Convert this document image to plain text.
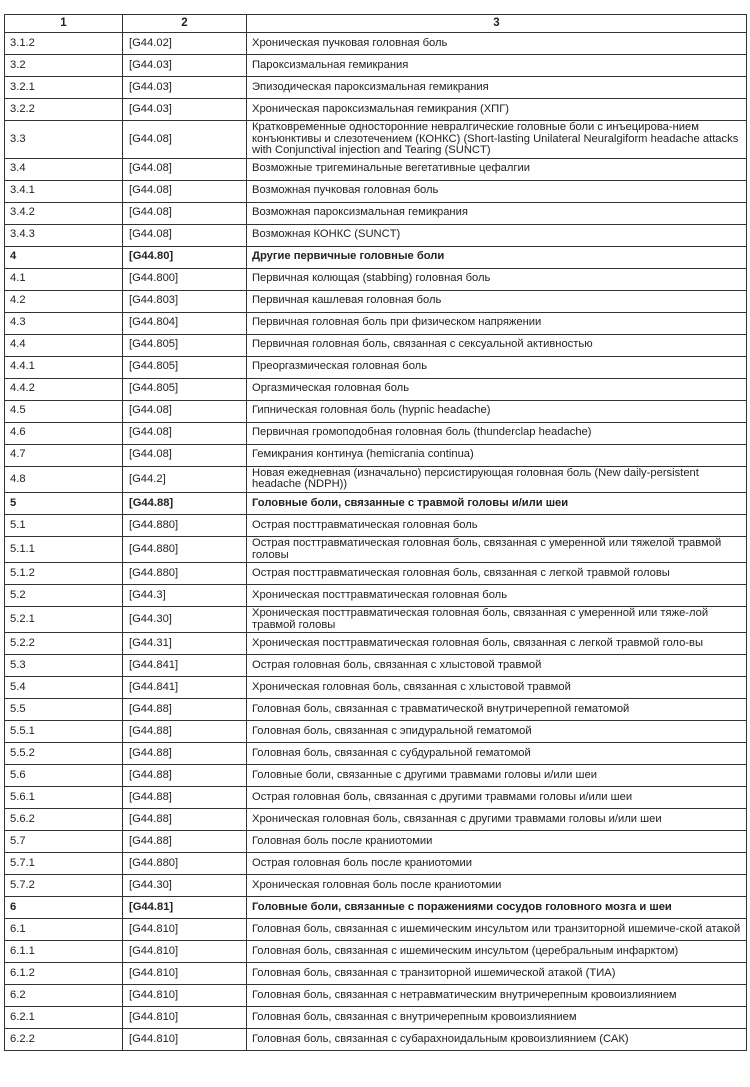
1	2	3
3.1.2	[G44.02]	Хроническая пучковая головная боль
3.2	[G44.03]	Пароксизмальная гемикрания
3.2.1	[G44.03]	Эпизодическая пароксизмальная гемикрания
3.2.2	[G44.03]	Хроническая пароксизмальная гемикрания (ХПГ)
3.3	[G44.08]	Кратковременные односторонние невралгические головные боли с инъецирова-нием конъюнктивы и слезотечением (КОНКС) (Short-lasting Unilateral Neuralgiform headache attacks with Conjunctival injection and Tearing (SUNCT)
3.4	[G44.08]	Возможные тригеминальные вегетативные цефалгии
3.4.1	[G44.08]	Возможная пучковая головная боль
3.4.2	[G44.08]	Возможная пароксизмальная гемикрания
3.4.3	[G44.08]	Возможная КОНКС (SUNCT)
4	[G44.80]	Другие первичные головные боли
4.1	[G44.800]	Первичная колющая (stabbing) головная боль
4.2	[G44.803]	Первичная кашлевая головная боль
4.3	[G44.804]	Первичная головная боль при физическом напряжении
4.4	[G44.805]	Первичная головная боль, связанная с сексуальной активностью
4.4.1	[G44.805]	Преоргазмическая головная боль
4.4.2	[G44.805]	Оргазмическая головная боль
4.5	[G44.08]	Гипническая головная боль (hypnic headache)
4.6	[G44.08]	Первичная громоподобная головная боль (thunderclap headache)
4.7	[G44.08]	Гемикрания континуа (hemicrania continua)
4.8	[G44.2]	Новая ежедневная (изначально) персистирующая головная боль (New daily-persistent headache (NDPH))
5	[G44.88]	Головные боли, связанные с травмой головы и/или шеи
5.1	[G44.880]	Острая посттравматическая головная боль
5.1.1	[G44.880]	Острая посттравматическая головная боль, связанная с умеренной или тяжелой травмой головы
5.1.2	[G44.880]	Острая посттравматическая головная боль, связанная с легкой травмой головы
5.2	[G44.3]	Хроническая посттравматическая головная боль
5.2.1	[G44.30]	Хроническая посттравматическая головная боль, связанная с умеренной или тяже-лой травмой головы
5.2.2	[G44.31]	Хроническая посттравматическая головная боль, связанная с легкой травмой голо-вы
5.3	[G44.841]	Острая головная боль, связанная с хлыстовой травмой
5.4	[G44.841]	Хроническая головная боль, связанная с хлыстовой травмой
5.5	[G44.88]	Головная боль, связанная с травматической внутричерепной гематомой
5.5.1	[G44.88]	Головная боль, связанная с эпидуральной гематомой
5.5.2	[G44.88]	Головная боль, связанная с субдуральной гематомой
5.6	[G44.88]	Головные боли, связанные с другими травмами головы и/или шеи
5.6.1	[G44.88]	Острая головная боль, связанная с другими травмами головы и/или шеи
5.6.2	[G44.88]	Хроническая головная боль, связанная с другими травмами головы и/или шеи
5.7	[G44.88]	Головная боль после краниотомии
5.7.1	[G44.880]	Острая головная боль после краниотомии
5.7.2	[G44.30]	Хроническая головная боль после краниотомии
6	[G44.81]	Головные боли, связанные с поражениями сосудов головного мозга и шеи
6.1	[G44.810]	Головная боль, связанная с ишемическим инсультом или транзиторной ишемиче-ской атакой
6.1.1	[G44.810]	Головная боль, связанная с ишемическим инсультом (церебральным инфарктом)
6.1.2	[G44.810]	Головная боль, связанная с транзиторной ишемической атакой (ТИА)
6.2	[G44.810]	Головная боль, связанная с нетравматическим внутричерепным кровоизлиянием
6.2.1	[G44.810]	Головная боль, связанная с внутричерепным кровоизлиянием
6.2.2	[G44.810]	Головная боль, связанная с субарахноидальным кровоизлиянием (САК)
